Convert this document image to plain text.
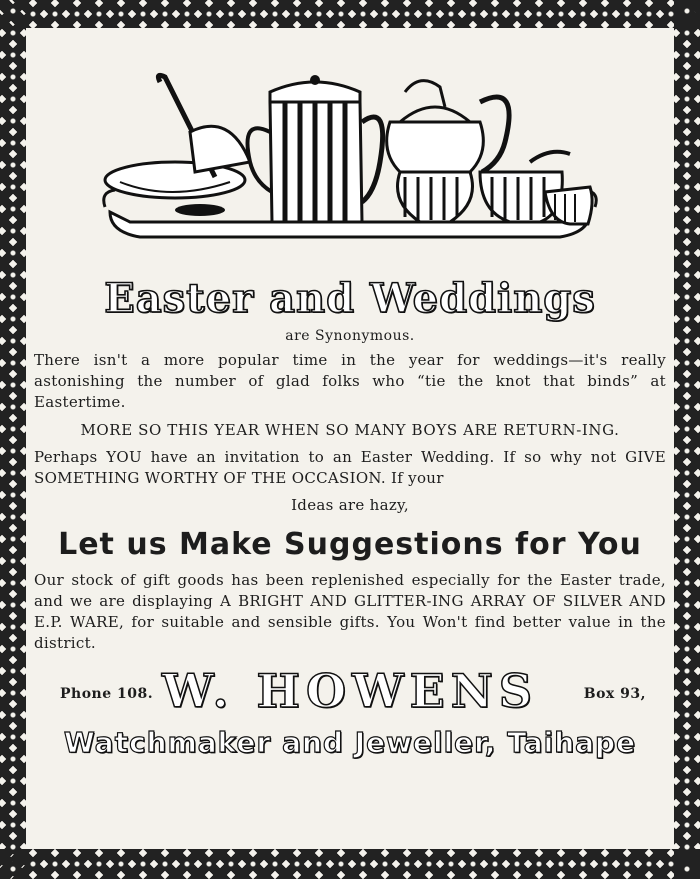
Easter and Weddings
are Synonymous.

There isn't a more popular time in the year for weddings—it's really astonishing the number of glad folks who “tie the knot that binds” at Eastertime.

MORE SO THIS YEAR WHEN SO MANY BOYS ARE RETURN-ING.

Perhaps YOU have an invitation to an Easter Wedding. If so why not GIVE SOMETHING WORTHY OF THE OCCASION. If your

Ideas are hazy,
Let us Make Suggestions for You

Our stock of gift goods has been replenished especially for the Easter trade, and we are displaying A BRIGHT AND GLITTER-ING ARRAY OF SILVER AND E.P. WARE, for suitable and sensible gifts. You Won't find better value in the district.

Phone 108. W. HOWENS	Box 93,
Watchmaker and Jeweller, Taihape
